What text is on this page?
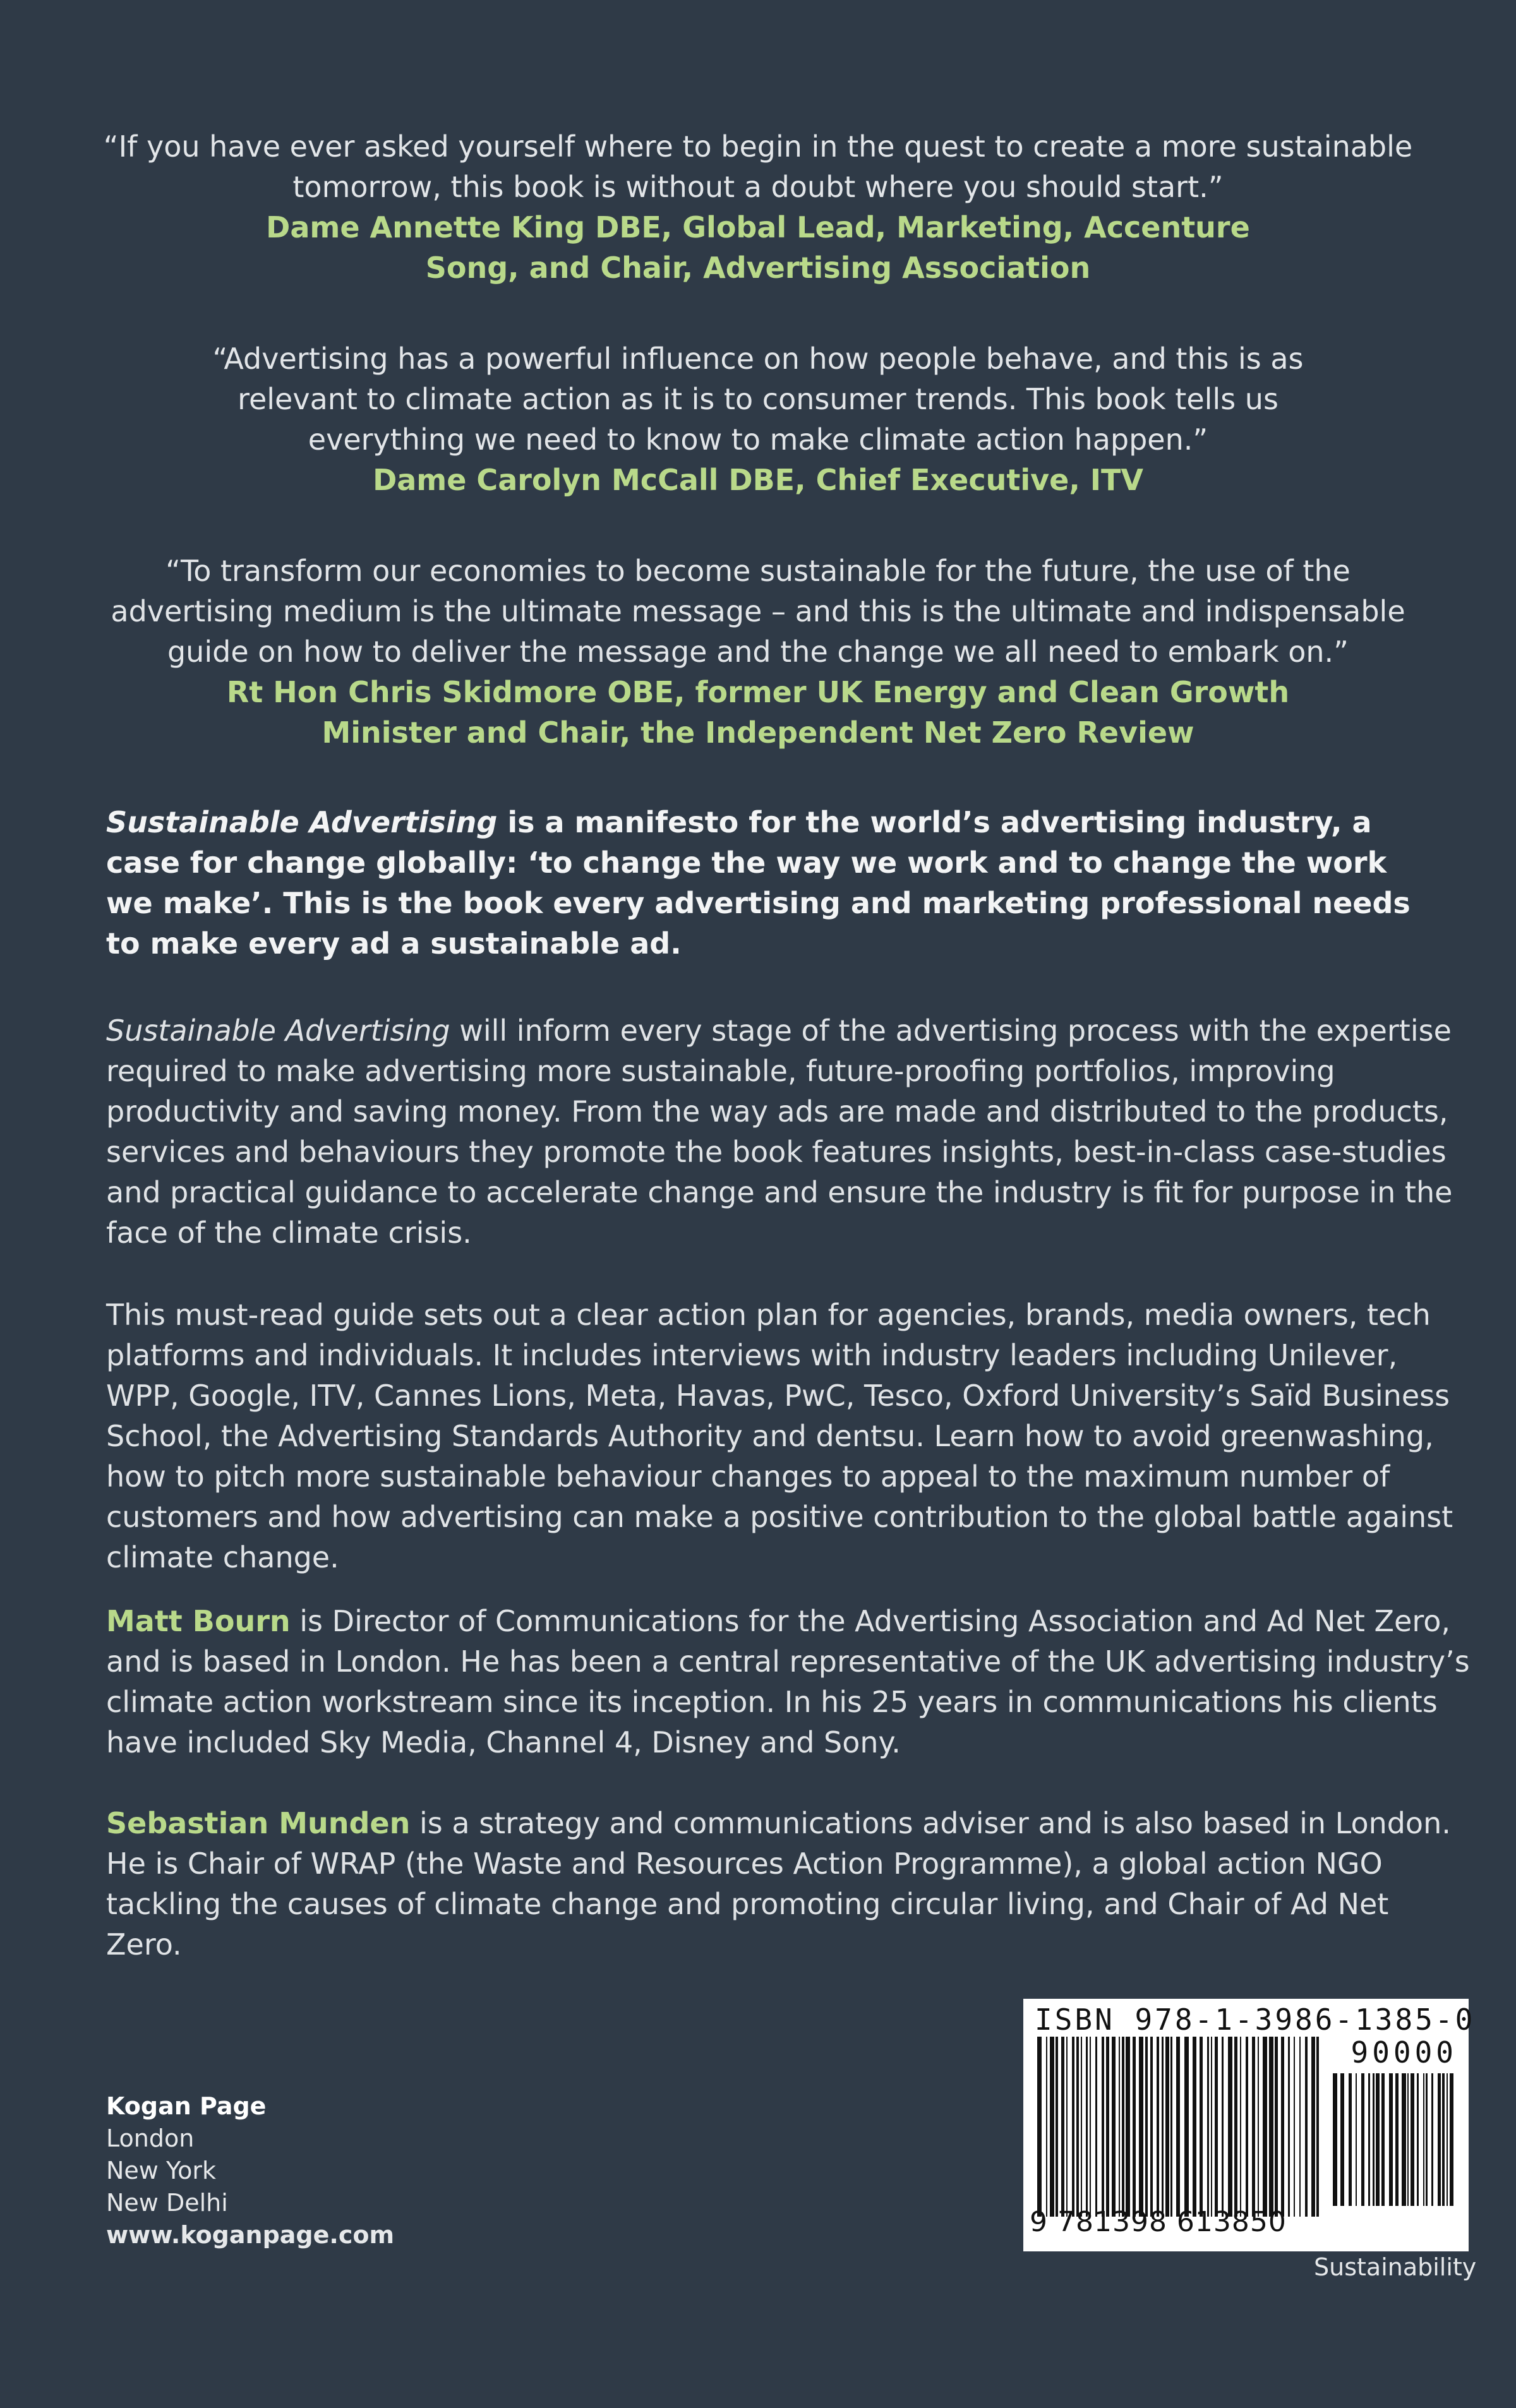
“If you have ever asked yourself where to begin in the quest to create a more sustainable tomorrow, this book is without a doubt where you should start.”
Dame Annette King DBE, Global Lead, Marketing, Accenture Song, and Chair, Advertising Association
“Advertising has a powerful influence on how people behave, and this is as relevant to climate action as it is to consumer trends. This book tells us everything we need to know to make climate action happen.”
Dame Carolyn McCall DBE, Chief Executive, ITV
“To transform our economies to become sustainable for the future, the use of the advertising medium is the ultimate message – and this is the ultimate and indispensable guide on how to deliver the message and the change we all need to embark on.”
Rt Hon Chris Skidmore OBE, former UK Energy and Clean Growth Minister and Chair, the Independent Net Zero Review
Sustainable Advertising is a manifesto for the world’s advertising industry, a case for change globally: ‘to change the way we work and to change the work we make’. This is the book every advertising and marketing professional needs to make every ad a sustainable ad.
Sustainable Advertising will inform every stage of the advertising process with the expertise required to make advertising more sustainable, future-proofing portfolios, improving productivity and saving money. From the way ads are made and distributed to the products, services and behaviours they promote the book features insights, best-in-class case-studies and practical guidance to accelerate change and ensure the industry is fit for purpose in the face of the climate crisis.
This must-read guide sets out a clear action plan for agencies, brands, media owners, tech platforms and individuals. It includes interviews with industry leaders including Unilever, WPP, Google, ITV, Cannes Lions, Meta, Havas, PwC, Tesco, Oxford University’s Saïd Business School, the Advertising Standards Authority and dentsu. Learn how to avoid greenwashing, how to pitch more sustainable behaviour changes to appeal to the maximum number of customers and how advertising can make a positive contribution to the global battle against climate change.
Matt Bourn is Director of Communications for the Advertising Association and Ad Net Zero, and is based in London. He has been a central representative of the UK advertising industry’s climate action workstream since its inception. In his 25 years in communications his clients have included Sky Media, Channel 4, Disney and Sony.
Sebastian Munden is a strategy and communications adviser and is also based in London. He is Chair of WRAP (the Waste and Resources Action Programme), a global action NGO tackling the causes of climate change and promoting circular living, and Chair of Ad Net Zero.
Kogan Page
London
New York
New Delhi
www.koganpage.com
ISBN 978-1-3986-1385-0
90000
9 781398 613850
Sustainability
